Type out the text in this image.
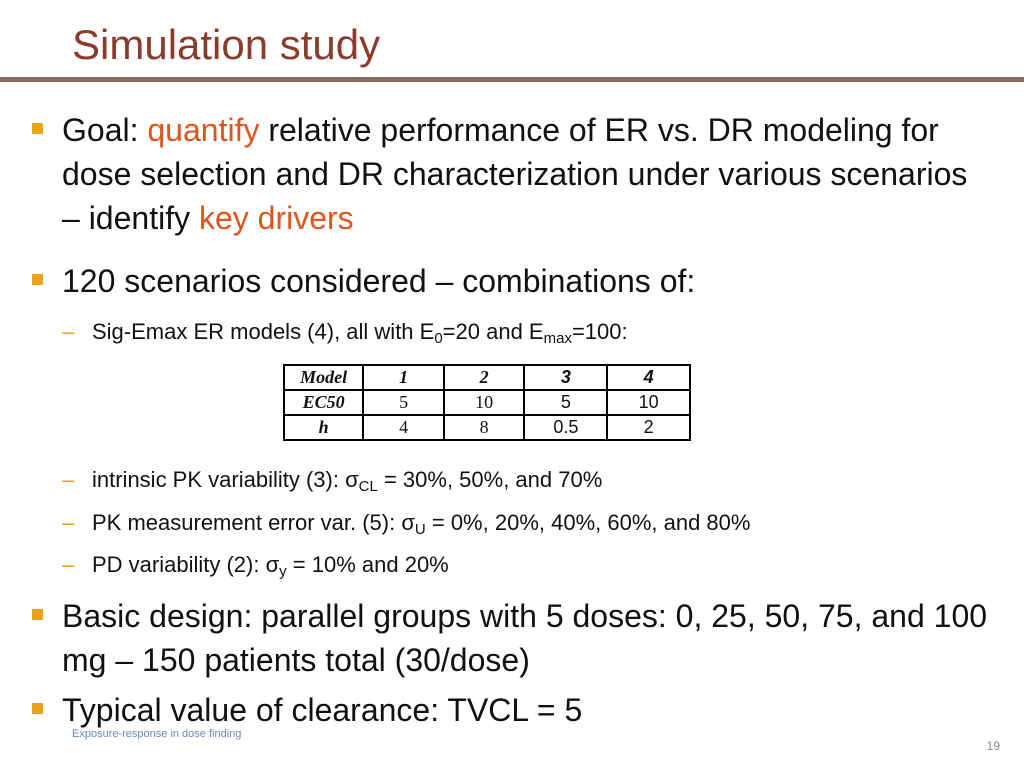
Simulation study
Goal: quantify relative performance of ER vs. DR modeling for dose selection and DR characterization under various scenarios – identify key drivers
120 scenarios considered – combinations of:
– Sig-Emax ER models (4), all with $E_0=20$ and $E_{max}=100$:
Model	1	2	3	4
EC50	5	10	5	10
h	4	8	0.5	2
– intrinsic PK variability (3): $\sigma_{CL} = 30\%$, 50%, and 70%
– PK measurement error var. (5): $\sigma_U = 0\%$, 20%, 40%, 60%, and 80%
– PD variability (2): $\sigma_y = 10\%$ and 20%
Basic design: parallel groups with 5 doses: 0, 25, 50, 75, and 100 mg – 150 patients total (30/dose)
Typical value of clearance: TVCL = 5
Exposure-response in dose finding
19
